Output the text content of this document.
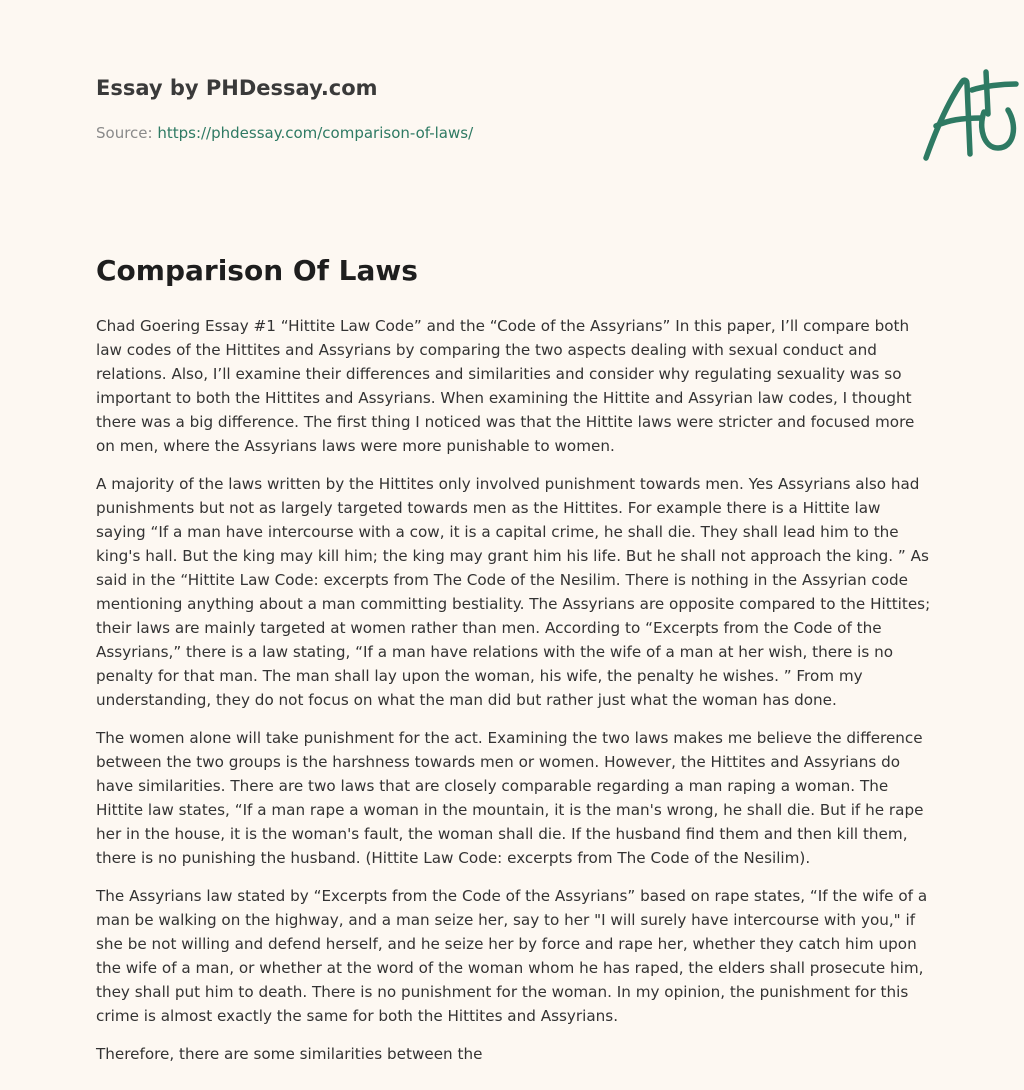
Essay by PHDessay.com

Source: https://phdessay.com/comparison-of-laws/

Comparison Of Laws

Chad Goering Essay #1 “Hittite Law Code” and the “Code of the Assyrians” In this paper, I’ll compare both law codes of the Hittites and Assyrians by comparing the two aspects dealing with sexual conduct and relations. Also, I’ll examine their differences and similarities and consider why regulating sexuality was so important to both the Hittites and Assyrians. When examining the Hittite and Assyrian law codes, I thought there was a big difference. The first thing I noticed was that the Hittite laws were stricter and focused more on men, where the Assyrians laws were more punishable to women.

A majority of the laws written by the Hittites only involved punishment towards men. Yes Assyrians also had punishments but not as largely targeted towards men as the Hittites. For example there is a Hittite law saying “If a man have intercourse with a cow, it is a capital crime, he shall die. They shall lead him to the king's hall. But the king may kill him; the king may grant him his life. But he shall not approach the king. ” As said in the “Hittite Law Code: excerpts from The Code of the Nesilim. There is nothing in the Assyrian code mentioning anything about a man committing bestiality. The Assyrians are opposite compared to the Hittites; their laws are mainly targeted at women rather than men. According to “Excerpts from the Code of the Assyrians,” there is a law stating, “If a man have relations with the wife of a man at her wish, there is no penalty for that man. The man shall lay upon the woman, his wife, the penalty he wishes. ” From my understanding, they do not focus on what the man did but rather just what the woman has done.

The women alone will take punishment for the act. Examining the two laws makes me believe the difference between the two groups is the harshness towards men or women. However, the Hittites and Assyrians do have similarities. There are two laws that are closely comparable regarding a man raping a woman. The Hittite law states, “If a man rape a woman in the mountain, it is the man's wrong, he shall die. But if he rape her in the house, it is the woman's fault, the woman shall die. If the husband find them and then kill them, there is no punishing the husband. (Hittite Law Code: excerpts from The Code of the Nesilim).

The Assyrians law stated by “Excerpts from the Code of the Assyrians” based on rape states, “If the wife of a man be walking on the highway, and a man seize her, say to her "I will surely have intercourse with you," if she be not willing and defend herself, and he seize her by force and rape her, whether they catch him upon the wife of a man, or whether at the word of the woman whom he has raped, the elders shall prosecute him, they shall put him to death. There is no punishment for the woman. In my opinion, the punishment for this crime is almost exactly the same for both the Hittites and Assyrians.

Therefore, there are some similarities between the
